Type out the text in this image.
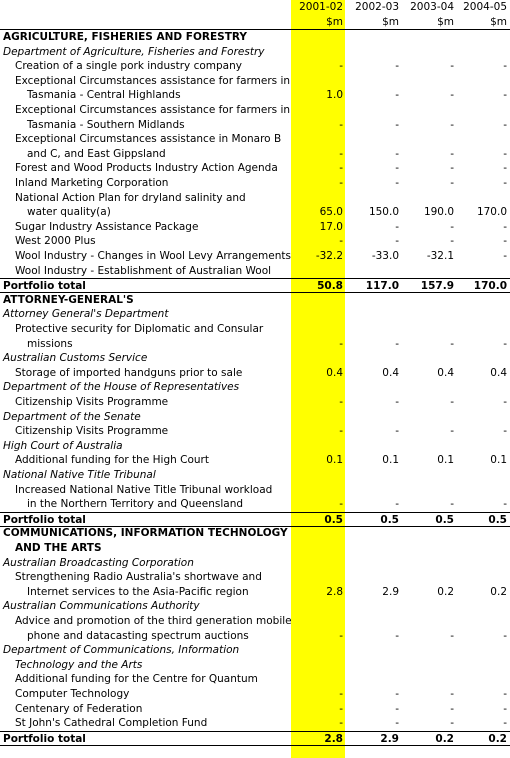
2001-02	2002-03	2003-04 2004-05
$m	$m	$m	$m
AGRICULTURE, FISHERIES AND FORESTRY
Department of Agriculture, Fisheries and Forestry
Creation of a single pork industry company	-	-	-	-
Exceptional Circumstances assistance for farmers in
Tasmania - Central Highlands	1.0	-	-	-
Exceptional Circumstances assistance for farmers in
Tasmania - Southern Midlands	-	-	-	-
Exceptional Circumstances assistance in Monaro B
and C, and East Gippsland	-	-	-	-
Forest and Wood Products Industry Action Agenda	-	-	-	-
Inland Marketing Corporation	-	-	-	-
National Action Plan for dryland salinity and
water quality(a)	65.0	150.0	190.0	170.0
Sugar Industry Assistance Package	17.0	-	-	-
West 2000 Plus	-	-	-	-
Wool Industry - Changes in Wool Levy Arrangements	-32.2	-33.0	-32.1	-
Wool Industry - Establishment of Australian Wool
Portfolio total	50.8	117.0	157.9	170.0
ATTORNEY-GENERAL'S
Attorney General's Department
Protective security for Diplomatic and Consular
missions	-	-	-	-
Australian Customs Service
Storage of imported handguns prior to sale	0.4	0.4	0.4	0.4
Department of the House of Representatives
Citizenship Visits Programme	-	-	-	-
Department of the Senate
Citizenship Visits Programme	-	-	-	-
High Court of Australia
Additional funding for the High Court	0.1	0.1	0.1	0.1
National Native Title Tribunal
Increased National Native Title Tribunal workload
in the Northern Territory and Queensland	-	-	-	-
Portfolio total	0.5	0.5	0.5	0.5
COMMUNICATIONS, INFORMATION TECHNOLOGY
AND THE ARTS
Australian Broadcasting Corporation
Strengthening Radio Australia's shortwave and
Internet services to the Asia-Pacific region	2.8	2.9	0.2	0.2
Australian Communications Authority
Advice and promotion of the third generation mobile
phone and datacasting spectrum auctions	-	-	-	-
Department of Communications, Information
Technology and the Arts
Additional funding for the Centre for Quantum
Computer Technology	-	-	-	-
Centenary of Federation	-	-	-	-
St John's Cathedral Completion Fund	-	-	-	-
Portfolio total	2.8	2.9	0.2	0.2
